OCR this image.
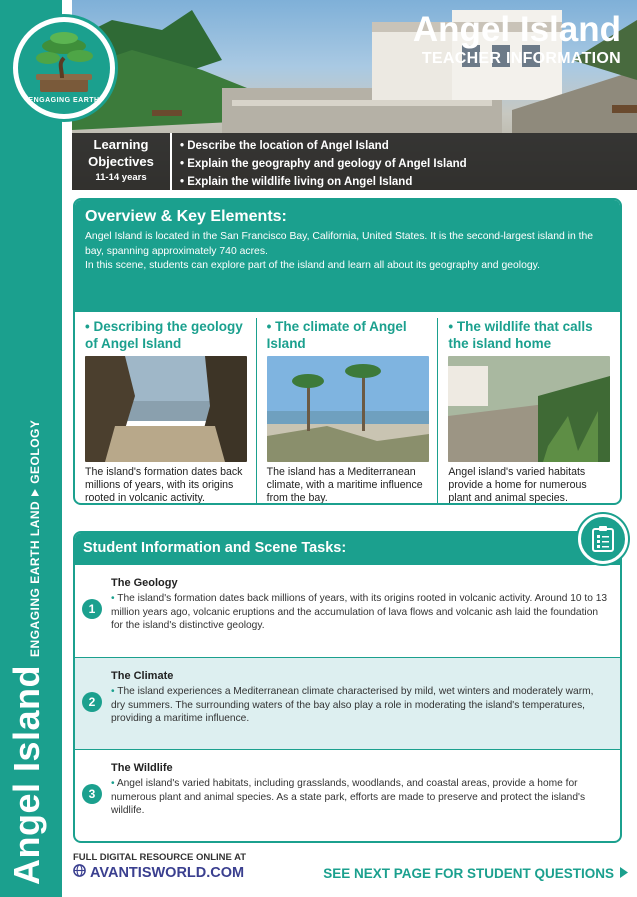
Angel Island
ENGAGING EARTH LAND
GEOLOGY
ENGAGING EARTH
Angel Island
TEACHER INFORMATION
Learning
Objectives
11-14 years
• Describe the location of Angel Island
• Explain the geography and geology of Angel Island
• Explain the wildlife living on Angel Island
Overview & Key Elements:

Angel Island is located in the San Francisco Bay, California, United States. It is the second-largest island in the bay, spanning approximately 740 acres.

In this scene, students can explore part of the island and learn all about its geography and geology.

• Describing the geology of Angel Island

The island's formation dates back millions of years, with its origins rooted in volcanic activity.

• The climate of Angel Island

The island has a Mediterranean climate, with a maritime influence from the bay.

• The wildlife that calls the island home

Angel island's varied habitats provide a home for numerous plant and animal species.

Student Information and Scene Tasks:
1
The Geology

• The island's formation dates back millions of years, with its origins rooted in volcanic activity. Around 10 to 13 million years ago, volcanic eruptions and the accumulation of lava flows and volcanic ash laid the foundation for the island's distinctive geology.

2
The Climate

• The island experiences a Mediterranean climate characterised by mild, wet winters and moderately warm, dry summers. The surrounding waters of the bay also play a role in moderating the island's temperatures, providing a maritime influence.

3
The Wildlife

• Angel island's varied habitats, including grasslands, woodlands, and coastal areas, provide a home for numerous plant and animal species. As a state park, efforts are made to preserve and protect the island's wildlife.

FULL DIGITAL RESOURCE ONLINE AT
AVANTISWORLD.COM	SEE NEXT PAGE FOR STUDENT QUESTIONS
